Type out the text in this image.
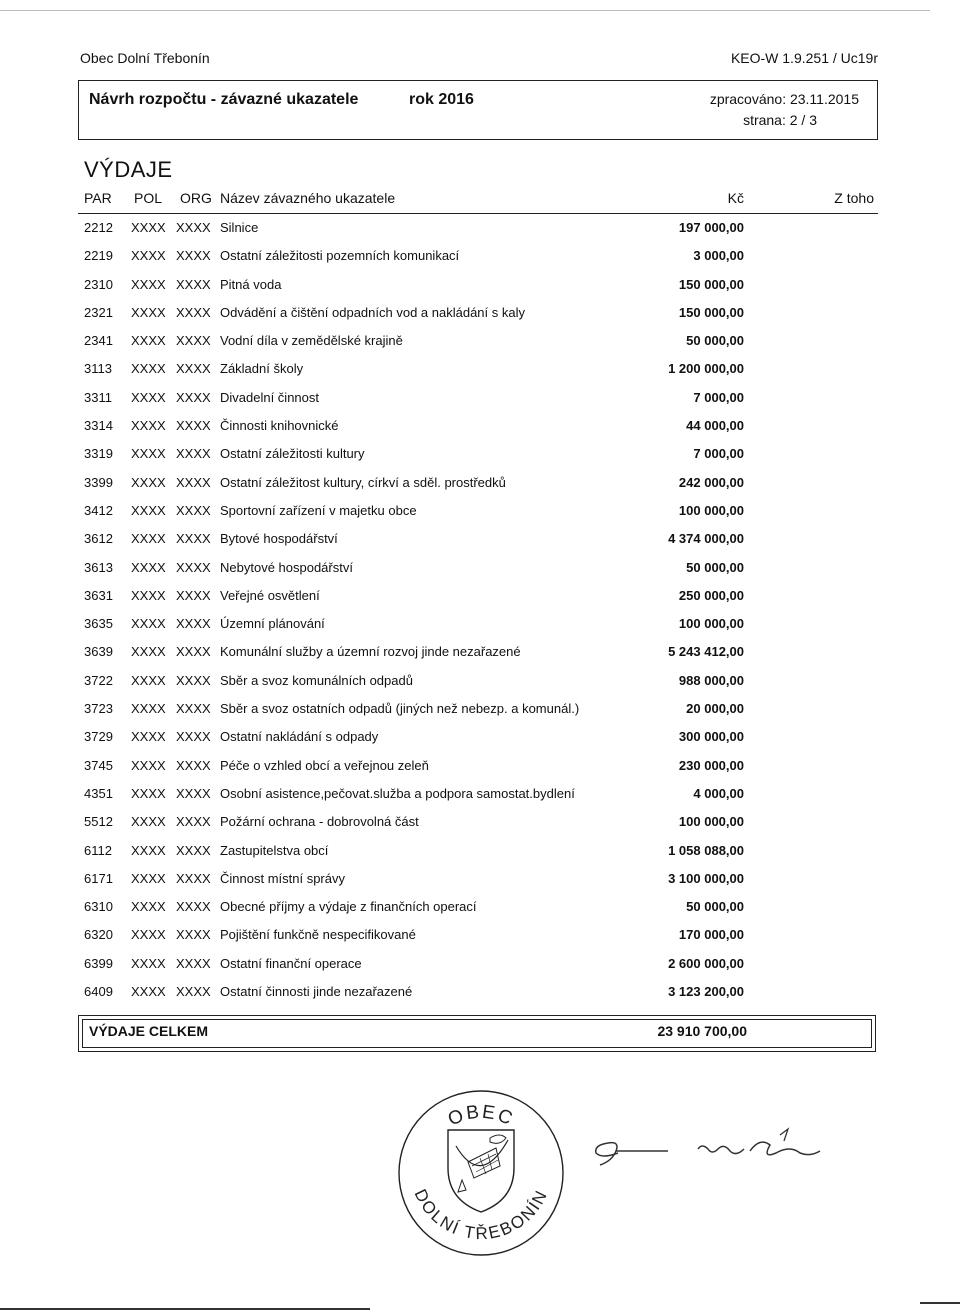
Obec Dolní Třebonín	KEO-W 1.9.251 / Uc19r
Návrh rozpočtu - závazné ukazatele	rok 2016	zpracováno: 23.11.2015
strana: 2 / 3
VÝDAJE
PAR POL ORG Název závazného ukazatele	Kč	Z toho
2212 XXXX XXXX Silnice	197 000,00
2219 XXXX XXXX Ostatní záležitosti pozemních komunikací	3 000,00
2310 XXXX XXXX Pitná voda	150 000,00
2321 XXXX XXXX Odvádění a čištění odpadních vod a nakládání s kaly	150 000,00
2341 XXXX XXXX Vodní díla v zemědělské krajině	50 000,00
3113 XXXX XXXX Základní školy	1 200 000,00
3311 XXXX XXXX Divadelní činnost	7 000,00
3314 XXXX XXXX Činnosti knihovnické	44 000,00
3319 XXXX XXXX Ostatní záležitosti kultury	7 000,00
3399 XXXX XXXX Ostatní záležitost kultury, církví a sděl. prostředků	242 000,00
3412 XXXX XXXX Sportovní zařízení v majetku obce	100 000,00
3612 XXXX XXXX Bytové hospodářství	4 374 000,00
3613 XXXX XXXX Nebytové hospodářství	50 000,00
3631 XXXX XXXX Veřejné osvětlení	250 000,00
3635 XXXX XXXX Územní plánování	100 000,00
3639 XXXX XXXX Komunální služby a územní rozvoj jinde nezařazené	5 243 412,00
3722 XXXX XXXX Sběr a svoz komunálních odpadů	988 000,00
3723 XXXX XXXX Sběr a svoz ostatních odpadů (jiných než nebezp. a komunál.)	20 000,00
3729 XXXX XXXX Ostatní nakládání s odpady	300 000,00
3745 XXXX XXXX Péče o vzhled obcí a veřejnou zeleň	230 000,00
4351 XXXX XXXX Osobní asistence,pečovat.služba a podpora samostat.bydlení	4 000,00
5512 XXXX XXXX Požární ochrana - dobrovolná část	100 000,00
6112 XXXX XXXX Zastupitelstva obcí	1 058 088,00
6171 XXXX XXXX Činnost místní správy	3 100 000,00
6310 XXXX XXXX Obecné příjmy a výdaje z finančních operací	50 000,00
6320 XXXX XXXX Pojištění funkčně nespecifikované	170 000,00
6399 XXXX XXXX Ostatní finanční operace	2 600 000,00
6409 XXXX XXXX Ostatní činnosti jinde nezařazené	3 123 200,00
VÝDAJE CELKEM	23 910 700,00
OBEC
DOLNÍ TŘEBONÍN
